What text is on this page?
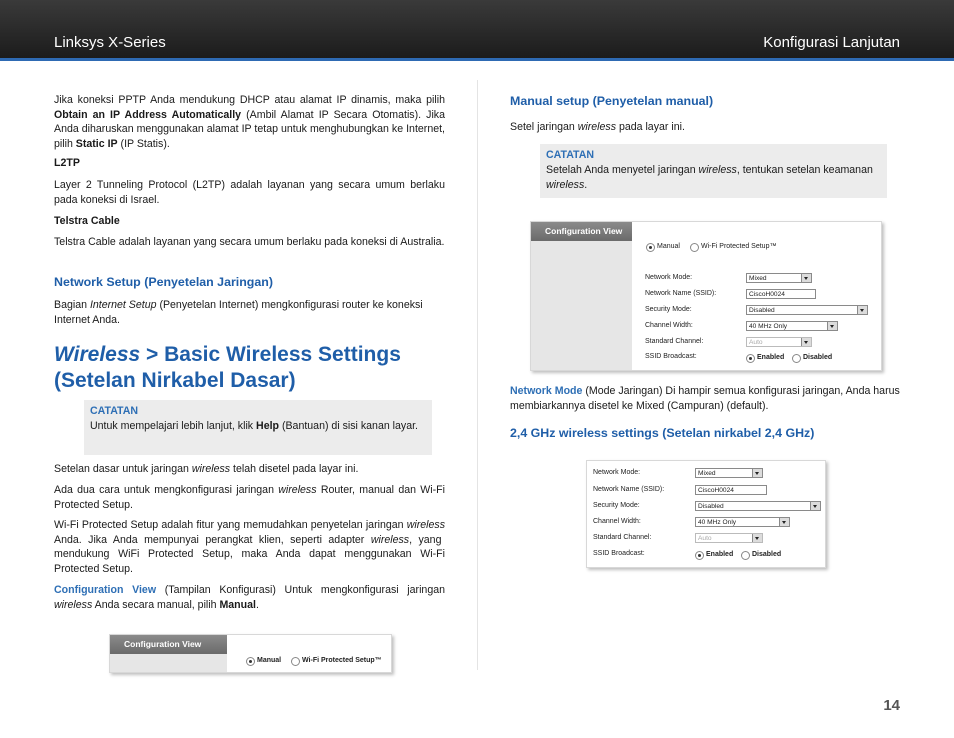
Linksys X-Series	Konfigurasi Lanjutan

Jika koneksi PPTP Anda mendukung DHCP atau alamat IP dinamis, maka pilih Obtain an IP Address Automatically (Ambil Alamat IP Secara Otomatis). Jika Anda diharuskan menggunakan alamat IP tetap untuk menghubungkan ke Internet, pilih Static IP (IP Statis).

L2TP

Layer 2 Tunneling Protocol (L2TP) adalah layanan yang secara umum berlaku pada koneksi di Israel.

Telstra Cable

Telstra Cable adalah layanan yang secara umum berlaku pada koneksi di Australia.

Network Setup (Penyetelan Jaringan)

Bagian Internet Setup (Penyetelan Internet) mengkonfigurasi router ke koneksi Internet Anda.

Wireless > Basic Wireless Settings (Setelan Nirkabel Dasar)
CATATAN
Untuk mempelajari lebih lanjut, klik Help (Bantuan) di sisi kanan layar.

Setelan dasar untuk jaringan wireless telah disetel pada layar ini.

Ada dua cara untuk mengkonfigurasi jaringan wireless Router, manual dan Wi-Fi Protected Setup.

Wi-Fi Protected Setup adalah fitur yang memudahkan penyetelan jaringan wireless Anda. Jika Anda mempunyai perangkat klien, seperti adapter wireless, yang mendukung WiFi Protected Setup, maka Anda dapat menggunakan Wi-Fi Protected Setup.

Configuration View (Tampilan Konfigurasi) Untuk mengkonfigurasi jaringan wireless Anda secara manual, pilih Manual.

Configuration View
Manual	Wi-Fi Protected Setup™
Manual setup (Penyetelan manual)

Setel jaringan wireless pada layar ini.

CATATAN
Setelah Anda menyetel jaringan wireless, tentukan setelan keamanan wireless.
Configuration View
Manual	Wi-Fi Protected Setup™
Network Mode:	Mixed
Network Name (SSID):	CiscoH0024
Security Mode:	Disabled
Channel Width:	40 MHz Only
Standard Channel:	Auto
SSID Broadcast:	Enabled	Disabled

Network Mode (Mode Jaringan) Di hampir semua konfigurasi jaringan, Anda harus membiarkannya disetel ke Mixed (Campuran) (default).

2,4 GHz wireless settings (Setelan nirkabel 2,4 GHz)
Network Mode:	Mixed
Network Name (SSID):	CiscoH0024
Security Mode:	Disabled
Channel Width:	40 MHz Only
Standard Channel:	Auto
SSID Broadcast:	Enabled	Disabled
14
